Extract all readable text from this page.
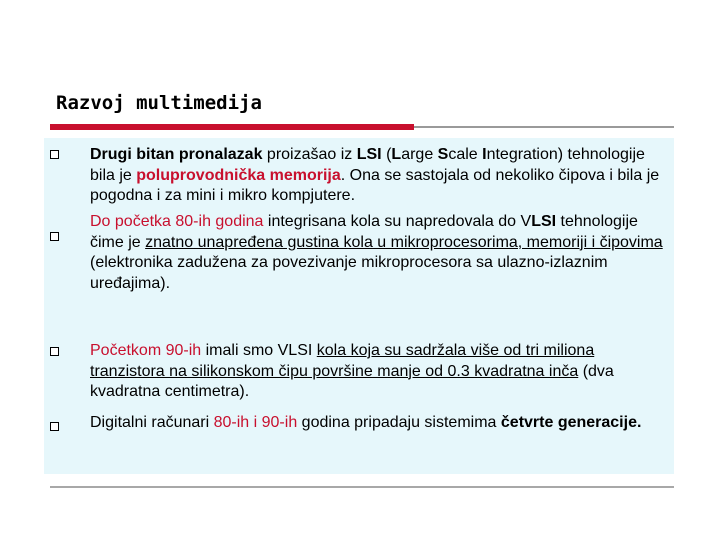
Razvoj multimedija

Drugi bitan pronalazak proizašao iz LSI (Large Scale Integration) tehnologije bila je poluprovodnička memorija. Ona se sastojala od nekoliko čipova i bila je pogodna i za mini i mikro kompjutere.

Do početka 80-ih godina integrisana kola su napredovala do VLSI tehnologije čime je znatno unapređena gustina kola u mikroprocesorima, memoriji i čipovima (elektronika zadužena za povezivanje mikroprocesora sa ulazno-izlaznim uređajima).

Početkom 90-ih imali smo VLSI kola koja su sadržala više od tri miliona tranzistora na silikonskom čipu površine manje od 0.3 kvadratna inča (dva kvadratna centimetra).

Digitalni računari 80-ih i 90-ih godina pripadaju sistemima četvrte generacije.
